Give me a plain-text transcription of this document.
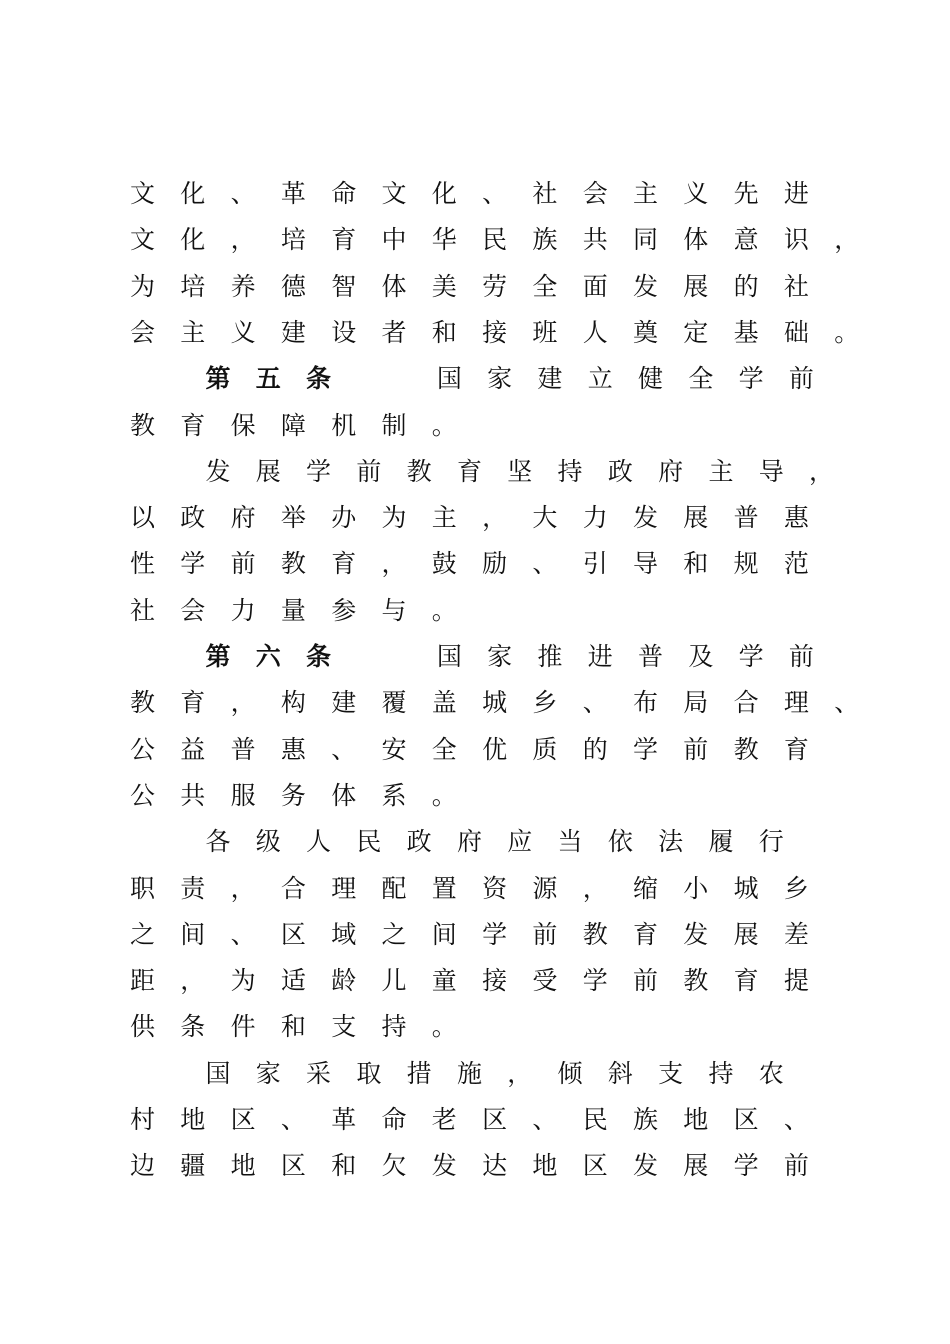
文 化 、 革 命 文 化 、 社 会 主 义 先 进
文 化 ， 培 育 中 华 民 族 共 同 体 意 识 ，
为 培 养 德 智 体 美 劳 全 面 发 展 的 社
会 主 义 建 设 者 和 接 班 人 奠 定 基 础 。
第 五 条	国 家 建 立 健 全 学 前
教 育 保 障 机 制 。
发 展 学 前 教 育 坚 持 政 府 主 导 ，
以 政 府 举 办 为 主 ， 大 力 发 展 普 惠
性 学 前 教 育 ， 鼓 励 、 引 导 和 规 范
社 会 力 量 参 与 。
第 六 条	国 家 推 进 普 及 学 前
教 育 ， 构 建 覆 盖 城 乡 、 布 局 合 理 、
公 益 普 惠 、 安 全 优 质 的 学 前 教 育
公 共 服 务 体 系 。
各 级 人 民 政 府 应 当 依 法 履 行
职 责 ， 合 理 配 置 资 源 ， 缩 小 城 乡
之 间 、 区 域 之 间 学 前 教 育 发 展 差
距 ， 为 适 龄 儿 童 接 受 学 前 教 育 提
供 条 件 和 支 持 。
国 家 采 取 措 施 ， 倾 斜 支 持 农
村 地 区 、 革 命 老 区 、 民 族 地 区 、
边 疆 地 区 和 欠 发 达 地 区 发 展 学 前
